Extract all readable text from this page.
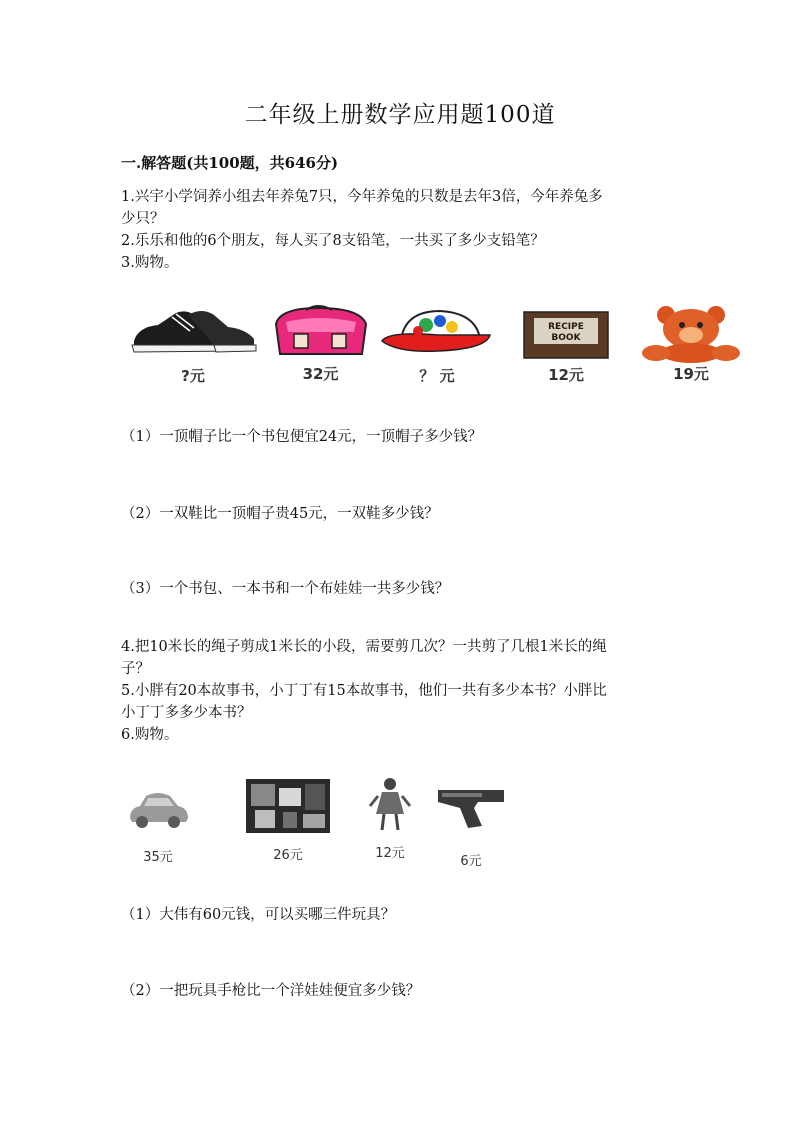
二年级上册数学应用题100道
一.解答题(共100题，共646分)
1.兴宇小学饲养小组去年养兔7只，今年养兔的只数是去年3倍，今年养兔多
少只？
2.乐乐和他的6个朋友，每人买了8支铅笔，一共买了多少支铅笔？
3.购物。
?元	32元	？ 元
RECIPE
BOOK
12元	19元
（1）一顶帽子比一个书包便宜24元，一顶帽子多少钱？
（2）一双鞋比一顶帽子贵45元，一双鞋多少钱？
（3）一个书包、一本书和一个布娃娃一共多少钱？
4.把10米长的绳子剪成1米长的小段，需要剪几次？一共剪了几根1米长的绳
子？
5.小胖有20本故事书，小丁丁有15本故事书，他们一共有多少本书？小胖比
小丁丁多多少本书？
6.购物。
35元	26元	12元
6元
（1）大伟有60元钱，可以买哪三件玩具？
（2）一把玩具手枪比一个洋娃娃便宜多少钱？
